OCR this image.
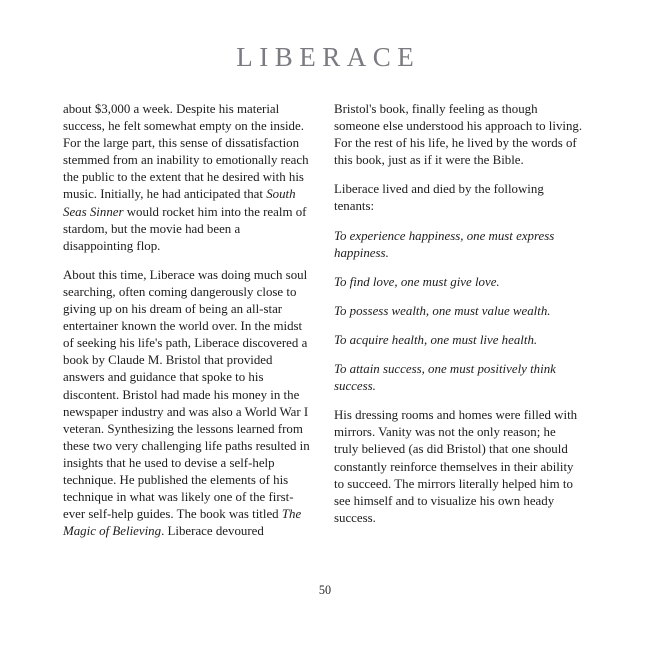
LIBERACE

about $3,000 a week. Despite his material success, he felt somewhat empty on the inside. For the large part, this sense of dissatisfaction stemmed from an inability to emotionally reach the public to the extent that he desired with his music. Initially, he had anticipated that South Seas Sinner would rocket him into the realm of stardom, but the movie had been a disappointing flop.

About this time, Liberace was doing much soul searching, often coming dangerously close to giving up on his dream of being an all-star entertainer known the world over. In the midst of seeking his life's path, Liberace discovered a book by Claude M. Bristol that provided answers and guidance that spoke to his discontent. Bristol had made his money in the newspaper industry and was also a World War I veteran. Synthesizing the lessons learned from these two very challenging life paths resulted in insights that he used to devise a self-help technique. He published the elements of his technique in what was likely one of the first-ever self-help guides. The book was titled The Magic of Believing. Liberace devoured

Bristol's book, finally feeling as though someone else understood his approach to living. For the rest of his life, he lived by the words of this book, just as if it were the Bible.

Liberace lived and died by the following tenants:

To experience happiness, one must express happiness.

To find love, one must give love.

To possess wealth, one must value wealth.

To acquire health, one must live health.

To attain success, one must positively think success.

His dressing rooms and homes were filled with mirrors. Vanity was not the only reason; he truly believed (as did Bristol) that one should constantly reinforce themselves in their ability to succeed. The mirrors literally helped him to see himself and to visualize his own heady success.

50
